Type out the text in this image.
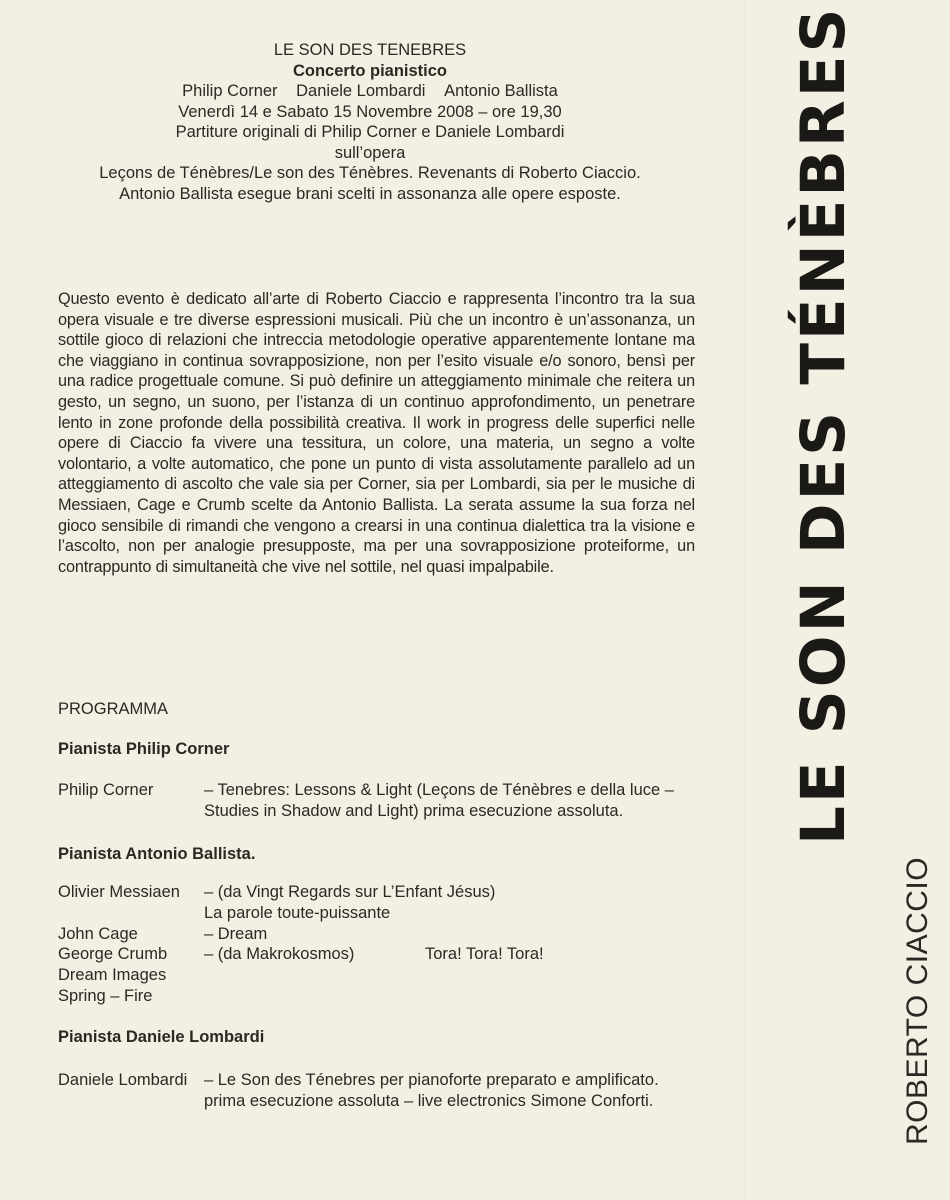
LE SON DES TENEBRES
Concerto pianistico
Philip Corner Daniele Lombardi Antonio Ballista
Venerdì 14 e Sabato 15 Novembre 2008 – ore 19,30
Partiture originali di Philip Corner e Daniele Lombardi
sull’opera
Leçons de Ténèbres/Le son des Ténèbres. Revenants di Roberto Ciaccio.
Antonio Ballista esegue brani scelti in assonanza alle opere esposte.
Questo evento è dedicato all’arte di Roberto Ciaccio e rappresenta l’incontro tra la sua opera visuale e tre diverse espressioni musicali. Più che un incontro è un’assonanza, un sottile gioco di relazioni che intreccia metodologie operative apparentemente lontane ma che viaggiano in continua sovrapposizione, non per l’esito visuale e/o sonoro, bensì per una radice progettuale comune. Si può definire un atteggiamento minimale che reitera un gesto, un segno, un suono, per l’istanza di un continuo approfondimento, un penetrare lento in zone profonde della possibilità creativa. Il work in progress delle superfici nelle opere di Ciaccio fa vivere una tessitura, un colore, una materia, un segno a volte volontario, a volte automatico, che pone un punto di vista assolutamente parallelo ad un atteggiamento di ascolto che vale sia per Corner, sia per Lombardi, sia per le musiche di Messiaen, Cage e Crumb scelte da Antonio Ballista. La serata assume la sua forza nel gioco sensibile di rimandi che vengono a crearsi in una continua dialettica tra la visione e l’ascolto, non per analogie presupposte, ma per una sovrapposizione proteiforme, un contrappunto di simultaneità che vive nel sottile, nel quasi impalpabile.
PROGRAMMA
Pianista Philip Corner
Philip Corner	– Tenebres: Lessons & Light (Leçons de Ténèbres e della luce –
Studies in Shadow and Light) prima esecuzione assoluta.
Pianista Antonio Ballista.
Olivier Messiaen – (da Vingt Regards sur L’Enfant Jésus)
La parole toute-puissante
John Cage	– Dream
George Crumb – (da Makrokosmos)	Tora! Tora! Tora!
Dream Images
Spring – Fire
Pianista Daniele Lombardi
Daniele Lombardi – Le Son des Ténebres per pianoforte preparato e amplificato.
prima esecuzione assoluta – live electronics Simone Conforti.
LE SON DES TÉNÈBRES
ROBERTO CIACCIO
